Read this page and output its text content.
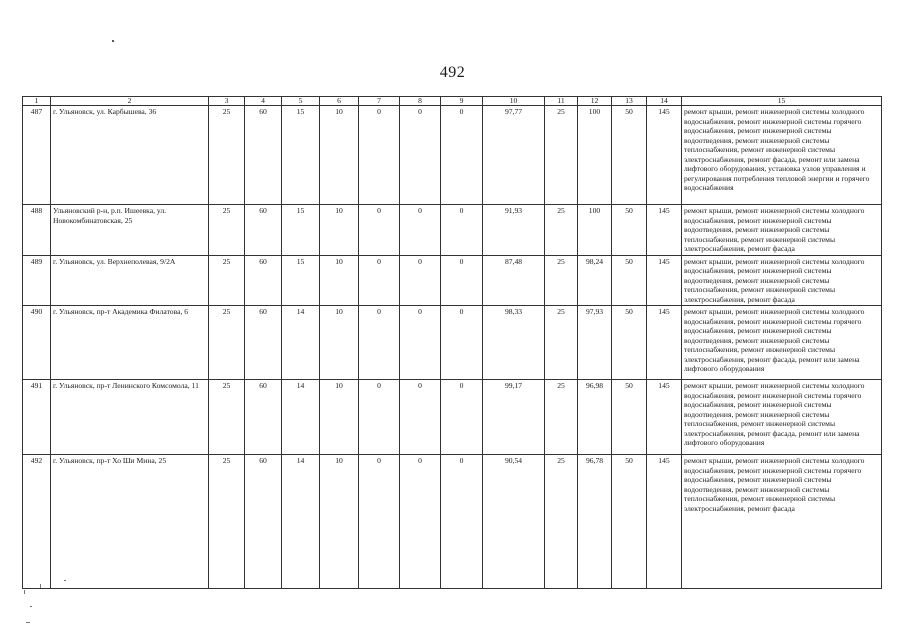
492
1	2	3	4	5	6	7	8	9	10	11	12	13	14	15
487	г. Ульяновск, ул. Карбышева, 36	25	60	15	10	0	0	0	97,77	25	100	50	145	ремонт крыши, ремонт инженерной системы холодного водоснабжения, ремонт инженерной системы горячего водоснабжения, ремонт инженерной системы водоотведения, ремонт инженерной системы теплоснабжения, ремонт инженерной системы электроснабжения, ремонт фасада, ремонт или замена лифтового оборудования, установка узлов управления и регулирования потребления тепловой энергии и горячего водоснабжения
488	Ульяновский р-н, р.п. Ишеевка, ул. Новокомбинатовская, 25	25	60	15	10	0	0	0	91,93	25	100	50	145	ремонт крыши, ремонт инженерной системы холодного водоснабжения, ремонт инженерной системы водоотведения, ремонт инженерной системы теплоснабжения, ремонт инженерной системы электроснабжения, ремонт фасада
489	г. Ульяновск, ул. Верхнеполевая, 9/2А	25	60	15	10	0	0	0	87,48	25	98,24	50	145	ремонт крыши, ремонт инженерной системы холодного водоснабжения, ремонт инженерной системы водоотведения, ремонт инженерной системы теплоснабжения, ремонт инженерной системы электроснабжения, ремонт фасада
490	г. Ульяновск, пр-т Академика Филатова, 6	25	60	14	10	0	0	0	98,33	25	97,93	50	145	ремонт крыши, ремонт инженерной системы холодного водоснабжения, ремонт инженерной системы горячего водоснабжения, ремонт инженерной системы водоотведения, ремонт инженерной системы теплоснабжения, ремонт инженерной системы электроснабжения, ремонт фасада, ремонт или замена лифтового оборудования
491	г. Ульяновск, пр-т Ленинского Комсомола, 11	25	60	14	10	0	0	0	99,17	25	96,98	50	145	ремонт крыши, ремонт инженерной системы холодного водоснабжения, ремонт инженерной системы горячего водоснабжения, ремонт инженерной системы водоотведения, ремонт инженерной системы теплоснабжения, ремонт инженерной системы электроснабжения, ремонт фасада, ремонт или замена лифтового оборудования
492	г. Ульяновск, пр-т Хо Ши Мина, 25	25	60	14	10	0	0	0	90,54	25	96,78	50	145	ремонт крыши, ремонт инженерной системы холодного водоснабжения, ремонт инженерной системы горячего водоснабжения, ремонт инженерной системы водоотведения, ремонт инженерной системы теплоснабжения, ремонт инженерной системы электроснабжения, ремонт фасада
